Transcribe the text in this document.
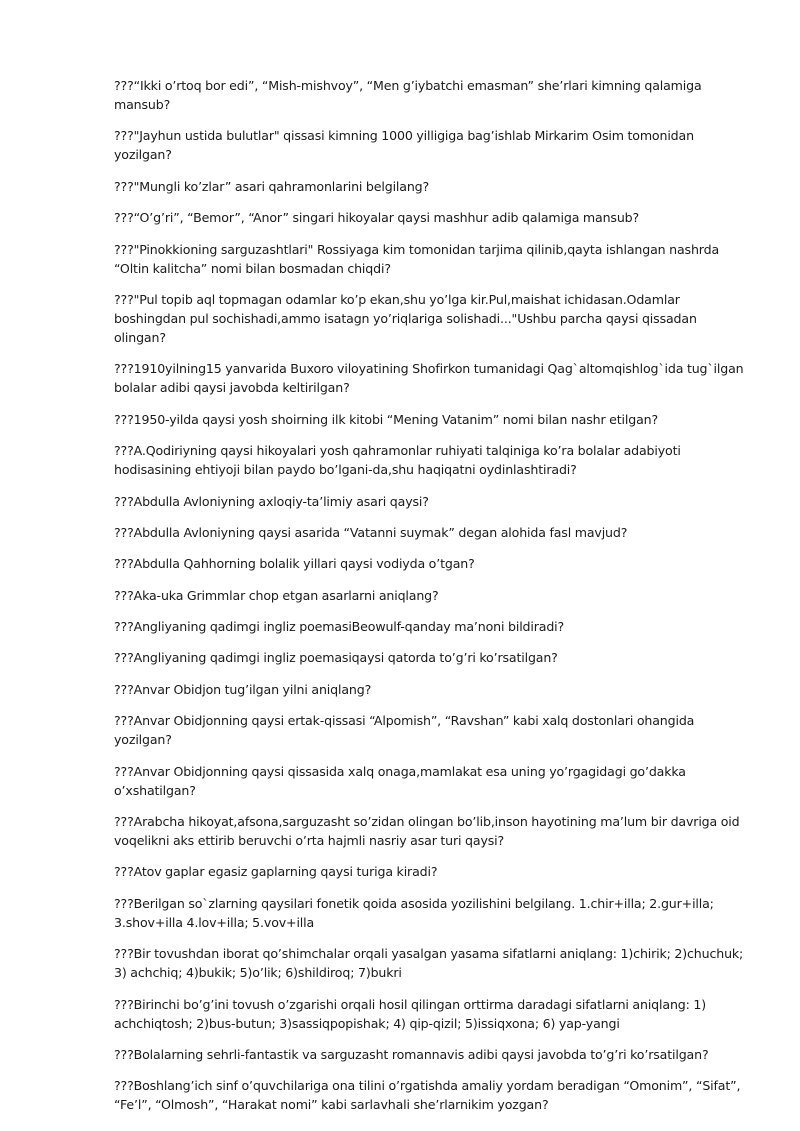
???“Ikki o’rtoq bor edi”, “Mish-mishvoy”, “Men g’iybatchi emasman” she’rlari kimning qalamiga mansub?
???"Jayhun ustida bulutlar" qissasi kimning 1000 yilligiga bag’ishlab Mirkarim Osim tomonidan yozilgan?
???"Mungli ko’zlar” asari qahramonlarini belgilang?
???“O’g’ri”, “Bemor”, “Anor” singari hikoyalar qaysi mashhur adib qalamiga mansub?
???"Pinokkioning sarguzashtlari" Rossiyaga kim tomonidan tarjima qilinib,qayta ishlangan nashrda “Oltin kalitcha” nomi bilan bosmadan chiqdi?
???"Pul topib aql topmagan odamlar ko’p ekan,shu yo’lga kir.Pul,maishat ichidasan.Odamlar boshingdan pul sochishadi,ammo isatagn yo’riqlariga solishadi..."Ushbu parcha qaysi qissadan olingan?
???1910yilning15 yanvarida Buxoro viloyatining Shofirkon tumanidagi Qag`altomqishlog`ida tug`ilgan bolalar adibi qaysi javobda keltirilgan?
???1950-yilda qaysi yosh shoirning ilk kitobi “Mening Vatanim” nomi bilan nashr etilgan?
???A.Qodiriyning qaysi hikoyalari yosh qahramonlar ruhiyati talqiniga ko’ra bolalar adabiyoti hodisasining ehtiyoji bilan paydo bo’lgani-da,shu haqiqatni oydinlashtiradi?
???Abdulla Avloniyning axloqiy-ta’limiy asari qaysi?
???Abdulla Avloniyning qaysi asarida “Vatanni suymak” degan alohida fasl mavjud?
???Abdulla Qahhorning bolalik yillari qaysi vodiyda o’tgan?
???Aka-uka Grimmlar chop etgan asarlarni aniqlang?
???Angliyaning qadimgi ingliz poemasiBeowulf-qanday ma’noni bildiradi?
???Angliyaning qadimgi ingliz poemasiqaysi qatorda to’g’ri ko’rsatilgan?
???Anvar Obidjon tug’ilgan yilni aniqlang?
???Anvar Obidjonning qaysi ertak-qissasi “Alpomish”, “Ravshan” kabi xalq dostonlari ohangida yozilgan?
???Anvar Obidjonning qaysi qissasida xalq onaga,mamlakat esa uning yo’rgagidagi go’dakka o’xshatilgan?
???Arabcha hikoyat,afsona,sarguzasht so’zidan olingan bo’lib,inson hayotining ma’lum bir davriga oid voqelikni aks ettirib beruvchi o’rta hajmli nasriy asar turi qaysi?
???Atov gaplar egasiz gaplarning qaysi turiga kiradi?
???Berilgan so`zlarning qaysilari fonetik qoida asosida yozilishini belgilang. 1.chir+illa; 2.gur+illa; 3.shov+illa 4.lov+illa; 5.vov+illa
???Bir tovushdan iborat qo’shimchalar orqali yasalgan yasama sifatlarni aniqlang: 1)chirik; 2)chuchuk; 3) achchiq; 4)bukik; 5)o’lik; 6)shildiroq; 7)bukri
???Birinchi bo’g’ini tovush o’zgarishi orqali hosil qilingan orttirma daradagi sifatlarni aniqlang: 1) achchiqtosh; 2)bus-butun; 3)sassiqpopishak; 4) qip-qizil; 5)issiqxona; 6) yap-yangi
???Bolalarning sehrli-fantastik va sarguzasht romannavis adibi qaysi javobda to’g’ri ko’rsatilgan?
???Boshlang’ich sinf o’quvchilariga ona tilini o’rgatishda amaliy yordam beradigan “Omonim”, “Sifat”, “Fe’l”, “Olmosh”, “Harakat nomi” kabi sarlavhali she’rlarnikim yozgan?
